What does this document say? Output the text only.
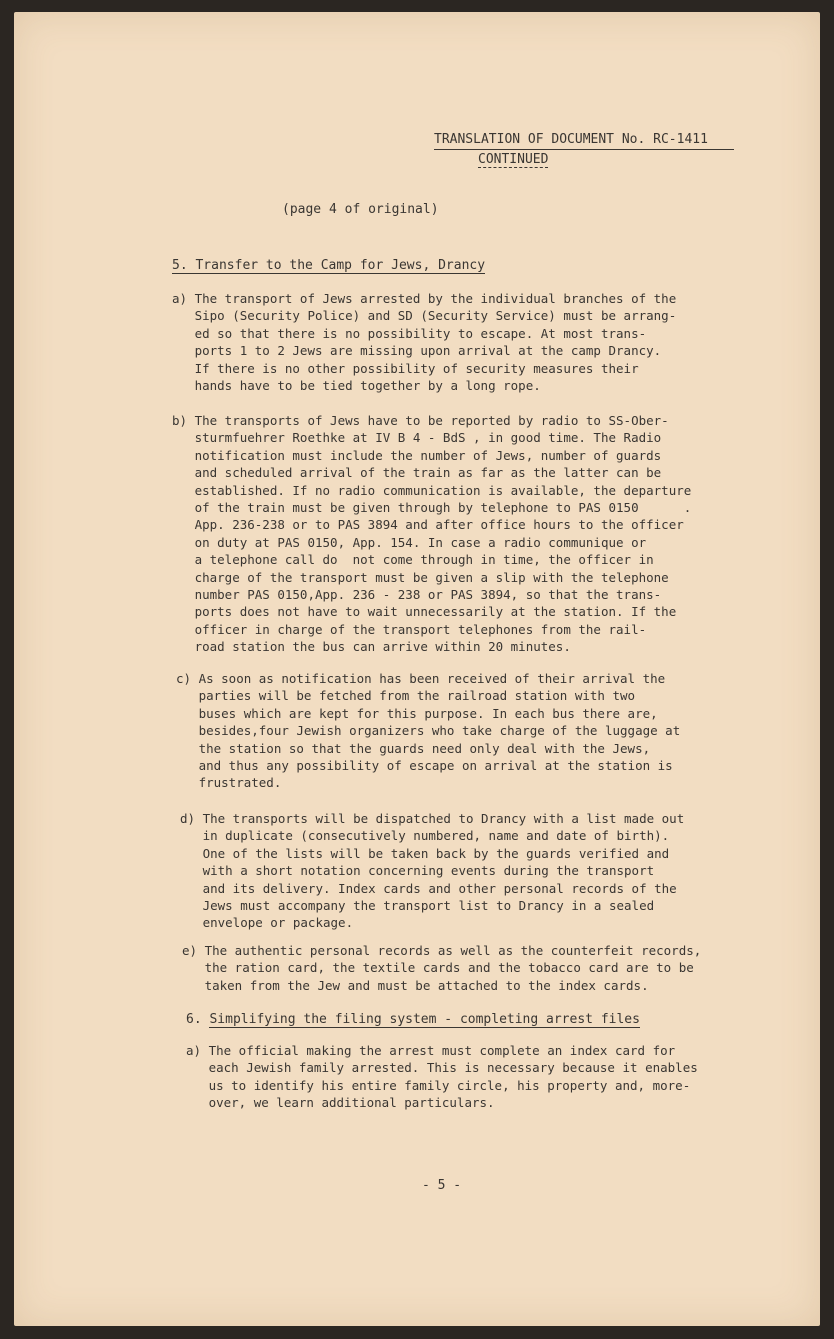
TRANSLATION OF DOCUMENT No. RC-1411
CONTINUED
(page 4 of original)
5. Transfer to the Camp for Jews, Drancy
a) The transport of Jews arrested by the individual branches of the
Sipo (Security Police) and SD (Security Service) must be arrang-
ed so that there is no possibility to escape. At most trans-
ports 1 to 2 Jews are missing upon arrival at the camp Drancy.
If there is no other possibility of security measures their
hands have to be tied together by a long rope.
b) The transports of Jews have to be reported by radio to SS-Ober-
sturmfuehrer Roethke at IV B 4 - BdS , in good time. The Radio
notification must include the number of Jews, number of guards
and scheduled arrival of the train as far as the latter can be
established. If no radio communication is available, the departure
of the train must be given through by telephone to PAS 0150      .
App. 236-238 or to PAS 3894 and after office hours to the officer
on duty at PAS 0150, App. 154. In case a radio communique or
a telephone call do  not come through in time, the officer in
charge of the transport must be given a slip with the telephone
number PAS 0150,App. 236 - 238 or PAS 3894, so that the trans-
ports does not have to wait unnecessarily at the station. If the
officer in charge of the transport telephones from the rail-
road station the bus can arrive within 20 minutes.
c) As soon as notification has been received of their arrival the
parties will be fetched from the railroad station with two
buses which are kept for this purpose. In each bus there are,
besides,four Jewish organizers who take charge of the luggage at
the station so that the guards need only deal with the Jews,
and thus any possibility of escape on arrival at the station is
frustrated.
d) The transports will be dispatched to Drancy with a list made out
in duplicate (consecutively numbered, name and date of birth).
One of the lists will be taken back by the guards verified and
with a short notation concerning events during the transport
and its delivery. Index cards and other personal records of the
Jews must accompany the transport list to Drancy in a sealed
envelope or package.
e) The authentic personal records as well as the counterfeit records,
the ration card, the textile cards and the tobacco card are to be
taken from the Jew and must be attached to the index cards.
6. Simplifying the filing system - completing arrest files
a) The official making the arrest must complete an index card for
each Jewish family arrested. This is necessary because it enables
us to identify his entire family circle, his property and, more-
over, we learn additional particulars.
- 5 -
